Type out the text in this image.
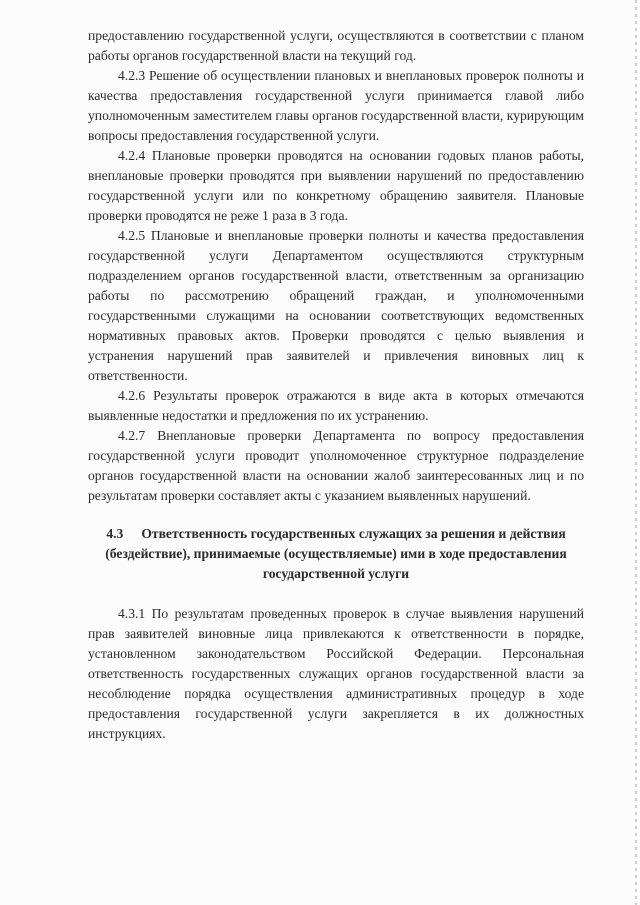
предоставлению государственной услуги, осуществляются в соответствии с планом работы органов государственной власти на текущий год.

4.2.3 Решение об осуществлении плановых и внеплановых проверок полноты и качества предоставления государственной услуги принимается главой либо уполномоченным заместителем главы органов государственной власти, курирующим вопросы предоставления государственной услуги.

4.2.4 Плановые проверки проводятся на основании годовых планов работы, внеплановые проверки проводятся при выявлении нарушений по предоставлению государственной услуги или по конкретному обращению заявителя. Плановые проверки проводятся не реже 1 раза в 3 года.

4.2.5 Плановые и внеплановые проверки полноты и качества предоставления государственной услуги Департаментом осуществляются структурным подразделением органов государственной власти, ответственным за организацию работы по рассмотрению обращений граждан, и уполномоченными государственными служащими на основании соответствующих ведомственных нормативных правовых актов. Проверки проводятся с целью выявления и устранения нарушений прав заявителей и привлечения виновных лиц к ответственности.

4.2.6 Результаты проверок отражаются в виде акта в которых отмечаются выявленные недостатки и предложения по их устранению.

4.2.7 Внеплановые проверки Департамента по вопросу предоставления государственной услуги проводит уполномоченное структурное подразделение органов государственной власти на основании жалоб заинтересованных лиц и по результатам проверки составляет акты с указанием выявленных нарушений.

4.3 Ответственность государственных служащих за решения и действия (бездействие), принимаемые (осуществляемые) ими в ходе предоставления государственной услуги

4.3.1 По результатам проведенных проверок в случае выявления нарушений прав заявителей виновные лица привлекаются к ответственности в порядке, установленном законодательством Российской Федерации. Персональная ответственность государственных служащих органов государственной власти за несоблюдение порядка осуществления административных процедур в ходе предоставления государственной услуги закрепляется в их должностных инструкциях.
